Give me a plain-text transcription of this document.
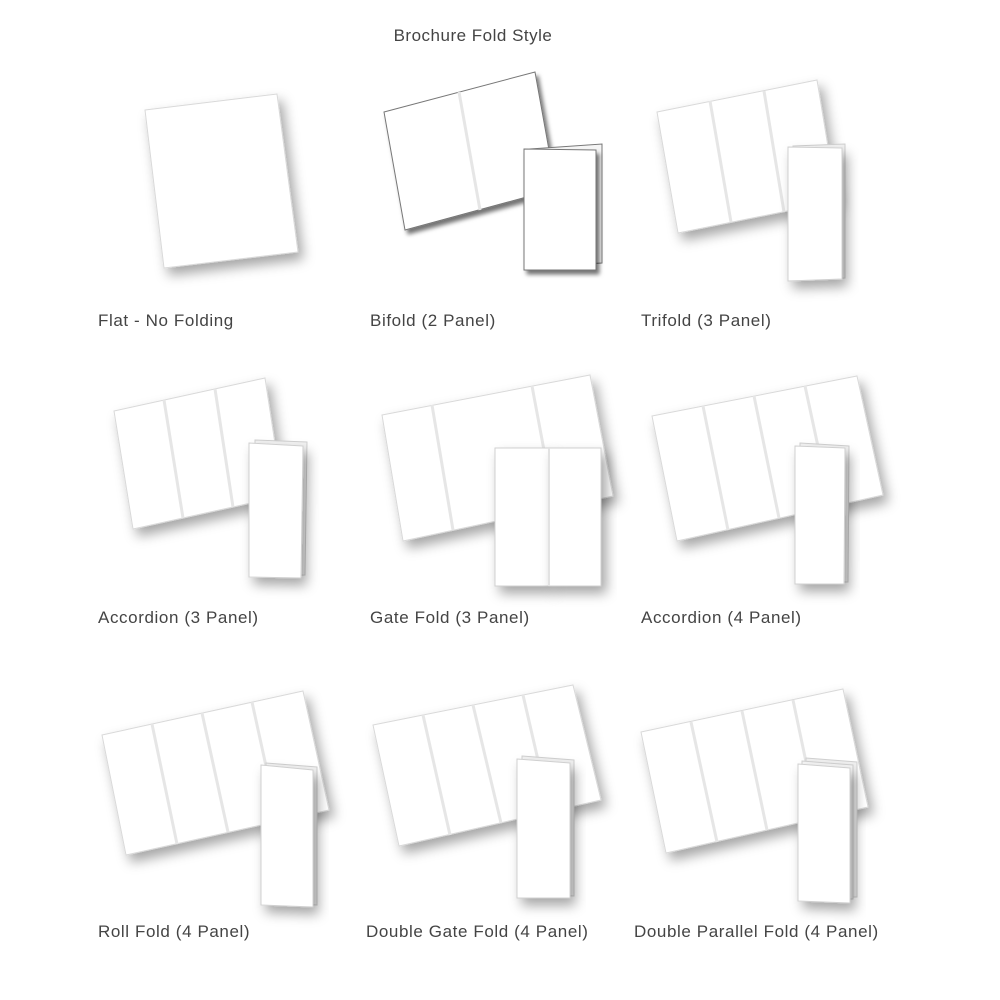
Brochure Fold Style
Flat - No Folding	Bifold (2 Panel)	Trifold (3 Panel)
Accordion (3 Panel)	Gate Fold (3 Panel)	Accordion (4 Panel)
Roll Fold (4 Panel)	Double Gate Fold (4 Panel)	Double Parallel Fold (4 Panel)
